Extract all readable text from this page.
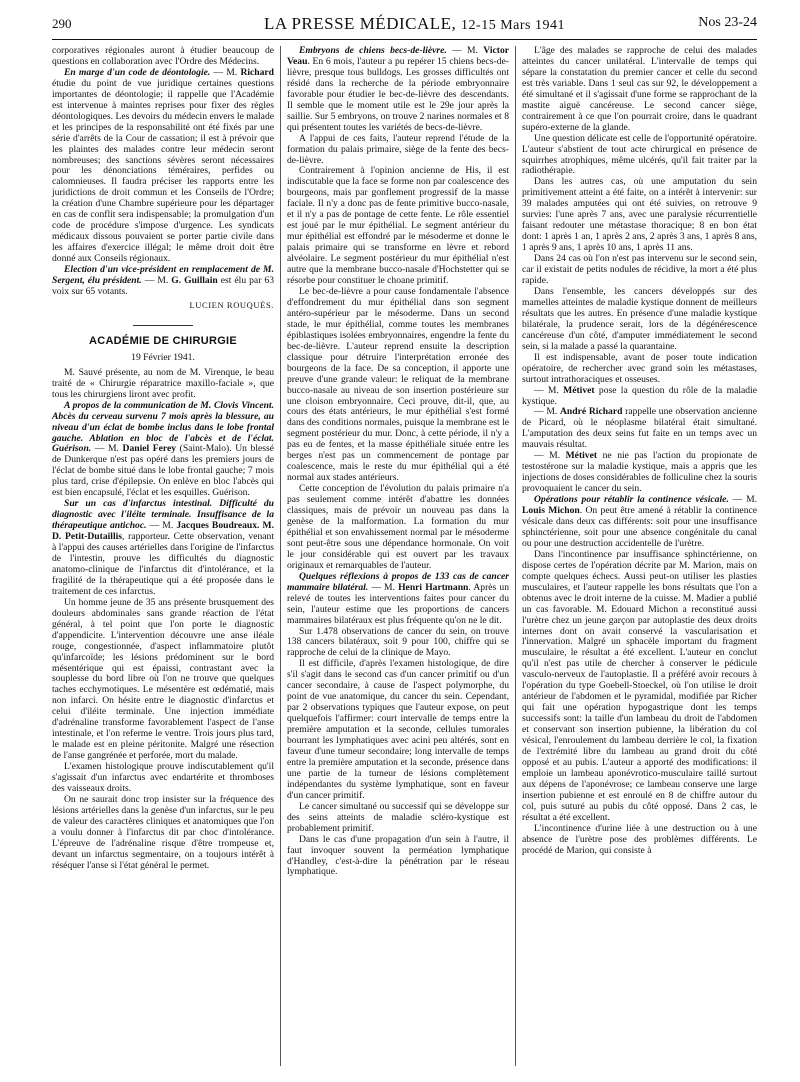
290	LA PRESSE MÉDICALE, 12-15 Mars 1941	Nos 23-24

corporatives régionales auront à étudier beaucoup de questions en collaboration avec l'Ordre des Médecins.

En marge d'un code de déontologie. — M. Richard étudie du point de vue juridique certaines questions importantes de déontologie; il rappelle que l'Académie est intervenue à maintes reprises pour fixer des règles déontologiques. Les devoirs du médecin envers le malade et les principes de la responsabilité ont été fixés par une série d'arrêts de la Cour de cassation; il est à prévoir que les plaintes des malades contre leur médecin seront nombreuses; des sanctions sévères seront nécessaires pour les dénonciations téméraires, perfides ou calomnieuses. Il faudra préciser les rapports entre les juridictions de droit commun et les Conseils de l'Ordre; la création d'une Chambre supérieure pour les départager en cas de conflit sera indispensable; la promulgation d'un code de procédure s'impose d'urgence. Les syndicats médicaux dissous pouvaient se porter partie civile dans les affaires d'exercice illégal; le même droit doit être donné aux Conseils régionaux.

Election d'un vice-président en remplacement de M. Sergent, élu président. — M. G. Guillain est élu par 63 voix sur 65 votants.

LUCIEN ROUQUÈS.
ACADÉMIE DE CHIRURGIE
19 Février 1941.

M. Sauvé présente, au nom de M. Virenque, le beau traité de « Chirurgie réparatrice maxillo-faciale », que tous les chirurgiens liront avec profit.

A propos de la communication de M. Clovis Vincent. Abcès du cerveau survenu 7 mois après la blessure, au niveau d'un éclat de bombe inclus dans le lobe frontal gauche. Ablation en bloc de l'abcès et de l'éclat. Guérison. — M. Daniel Ferey (Saint-Malo). Un blessé de Dunkerque n'est pas opéré dans les premiers jours de l'éclat de bombe situé dans le lobe frontal gauche; 7 mois plus tard, crise d'épilepsie. On enlève en bloc l'abcès qui est bien encapsulé, l'éclat et les esquilles. Guérison.

Sur un cas d'infarctus intestinal. Difficulté du diagnostic avec l'iléite terminale. Insuffisance de la thérapeutique antichoc. — M. Jacques Boudreaux. M. D. Petit-Dutaillis, rapporteur. Cette observation, venant à l'appui des causes artérielles dans l'origine de l'infarctus de l'intestin, prouve les difficultés du diagnostic anatomo-clinique de l'infarctus dit d'intolérance, et la fragilité de la thérapeutique qui a été proposée dans le traitement de ces infarctus.

Un homme jeune de 35 ans présente brusquement des douleurs abdominales sans grande réaction de l'état général, à tel point que l'on porte le diagnostic d'appendicite. L'intervention découvre une anse iléale rouge, congestionnée, d'aspect inflammatoire plutôt qu'infarcoïde; les lésions prédominent sur le bord mésentérique qui est épaissi, contrastant avec la souplesse du bord libre où l'on ne trouve que quelques taches ecchymotiques. Le mésentère est œdématié, mais non infarci. On hésite entre le diagnostic d'infarctus et celui d'iléite terminale. Une injection immédiate d'adrénaline transforme favorablement l'aspect de l'anse intestinale, et l'on referme le ventre. Trois jours plus tard, le malade est en pleine péritonite. Malgré une résection de l'anse gangrénée et perforée, mort du malade.

L'examen histologique prouve indiscutablement qu'il s'agissait d'un infarctus avec endartérite et thromboses des vaisseaux droits.

On ne saurait donc trop insister sur la fréquence des lésions artérielles dans la genèse d'un infarctus, sur le peu de valeur des caractères cliniques et anatomiques que l'on a voulu donner à l'infarctus dit par choc d'intolérance. L'épreuve de l'adrénaline risque d'être trompeuse et, devant un infarctus segmentaire, on a toujours intérêt à réséquer l'anse si l'état général le permet.

Embryons de chiens becs-de-lièvre. — M. Victor Veau. En 6 mois, l'auteur a pu repérer 15 chiens becs-de-lièvre, presque tous bulldogs. Les grosses difficultés ont résidé dans la recherche de la période embryonnaire favorable pour étudier le bec-de-lièvre des descendants. Il semble que le moment utile est le 29e jour après la saillie. Sur 5 embryons, on trouve 2 narines normales et 8 qui présentent toutes les variétés de becs-de-lièvre.

A l'appui de ces faits, l'auteur reprend l'étude de la formation du palais primaire, siège de la fente des becs-de-lièvre.

Contrairement à l'opinion ancienne de His, il est indiscutable que la face se forme non par coalescence des bourgeons, mais par gonflement progressif de la masse faciale. Il n'y a donc pas de fente primitive bucco-nasale, et il n'y a pas de pontage de cette fente. Le rôle essentiel est joué par le mur épithélial. Le segment antérieur du mur épithélial est effondré par le mésoderme et donne le palais primaire qui se transforme en lèvre et rebord alvéolaire. Le segment postérieur du mur épithélial n'est autre que la membrane bucco-nasale d'Hochstetter qui se résorbe pour constituer le choane primitif.

Le bec-de-lièvre a pour cause fondamentale l'absence d'effondrement du mur épithélial dans son segment antéro-supérieur par le mésoderme. Dans un second stade, le mur épithélial, comme toutes les membranes épiblastiques isolées embryonnaires, engendre la fente du bec-de-lièvre. L'auteur reprend ensuite la description classique pour détruire l'interprétation erronée des bourgeons de la face. De sa conception, il apporte une preuve d'une grande valeur: le reliquat de la membrane bucco-nasale au niveau de son insertion postérieure sur une cloison embryonnaire. Ceci prouve, dit-il, que, au cours des états antérieurs, le mur épithélial s'est formé dans des conditions normales, puisque la membrane est le segment postérieur du mur. Donc, à cette période, il n'y a pas eu de fentes, et la masse épithéliale située entre les berges n'est pas un commencement de pontage par coalescence, mais le reste du mur épithélial qui a été normal aux stades antérieurs.

Cette conception de l'évolution du palais primaire n'a pas seulement comme intérêt d'abattre les données classiques, mais de prévoir un nouveau pas dans la genèse de la malformation. La formation du mur épithélial et son envahissement normal par le mésoderme sont peut-être sous une dépendance hormonale. On voit le jour considérable qui est ouvert par les travaux originaux et remarquables de l'auteur.

Quelques réflexions à propos de 133 cas de cancer mammaire bilatéral. — M. Henri Hartmann. Après un relevé de toutes les interventions faites pour cancer du sein, l'auteur estime que les proportions de cancers mammaires bilatéraux est plus fréquente qu'on ne le dit.

Sur 1.478 observations de cancer du sein, on trouve 138 cancers bilatéraux, soit 9 pour 100, chiffre qui se rapproche de celui de la clinique de Mayo.

Il est difficile, d'après l'examen histologique, de dire s'il s'agit dans le second cas d'un cancer primitif ou d'un cancer secondaire, à cause de l'aspect polymorphe, du point de vue anatomique, du cancer du sein. Cependant, par 2 observations typiques que l'auteur expose, on peut quelquefois l'affirmer: court intervalle de temps entre la première amputation et la seconde, cellules tumorales bourrant les lymphatiques avec acini peu altérés, sont en faveur d'une tumeur secondaire; long intervalle de temps entre la première amputation et la seconde, présence dans une partie de la tumeur de lésions complètement indépendantes du système lymphatique, sont en faveur d'un cancer primitif.

Le cancer simultané ou successif qui se développe sur des seins atteints de maladie scléro-kystique est probablement primitif.

Dans le cas d'une propagation d'un sein à l'autre, il faut invoquer souvent la perméation lymphatique d'Handley, c'est-à-dire la pénétration par le réseau lymphatique.

L'âge des malades se rapproche de celui des malades atteintes du cancer unilatéral. L'intervalle de temps qui sépare la constatation du premier cancer et celle du second est très variable. Dans 1 seul cas sur 92, le développement a été simultané et il s'agissait d'une forme se rapprochant de la mastite aiguë cancéreuse. Le second cancer siège, contrairement à ce que l'on pourrait croire, dans le quadrant supéro-externe de la glande.

Une question délicate est celle de l'opportunité opératoire. L'auteur s'abstient de tout acte chirurgical en présence de squirrhes atrophiques, même ulcérés, qu'il fait traiter par la radiothérapie.

Dans les autres cas, où une amputation du sein primitivement atteint a été faite, on a intérêt à intervenir: sur 39 malades amputées qui ont été suivies, on retrouve 9 survies: l'une après 7 ans, avec une paralysie récurrentielle faisant redouter une métastase thoracique; 8 en bon état dont: 1 après 1 an, 1 après 2 ans, 2 après 3 ans, 1 après 8 ans, 1 après 9 ans, 1 après 10 ans, 1 après 11 ans.

Dans 24 cas où l'on n'est pas intervenu sur le second sein, car il existait de petits nodules de récidive, la mort a été plus rapide.

Dans l'ensemble, les cancers développés sur des mamelles atteintes de maladie kystique donnent de meilleurs résultats que les autres. En présence d'une maladie kystique bilatérale, la prudence serait, lors de la dégénérescence cancéreuse d'un côté, d'amputer immédiatement le second sein, si la malade a passé la quarantaine.

Il est indispensable, avant de poser toute indication opératoire, de rechercher avec grand soin les métastases, surtout intrathoraciques et osseuses.

— M. Métivet pose la question du rôle de la maladie kystique.

— M. André Richard rappelle une observation ancienne de Picard, où le néoplasme bilatéral était simultané. L'amputation des deux seins fut faite en un temps avec un mauvais résultat.

— M. Métivet ne nie pas l'action du propionate de testostérone sur la maladie kystique, mais a appris que les injections de doses considérables de folliculine chez la souris provoquaient le cancer du sein.

Opérations pour rétablir la continence vésicale. — M. Louis Michon. On peut être amené à rétablir la continence vésicale dans deux cas différents: soit pour une insuffisance sphinctérienne, soit pour une absence congénitale du canal ou pour une destruction accidentelle de l'urètre.

Dans l'incontinence par insuffisance sphinctérienne, on dispose certes de l'opération décrite par M. Marion, mais on compte quelques échecs. Aussi peut-on utiliser les plasties musculaires, et l'auteur rappelle les bons résultats que l'on a obtenus avec le droit interne de la cuisse. M. Madier a publié un cas favorable. M. Edouard Michon a reconstitué aussi l'urètre chez un jeune garçon par autoplastie des deux droits internes dont on avait conservé la vascularisation et l'innervation. Malgré un sphacèle important du fragment musculaire, le résultat a été excellent. L'auteur en conclut qu'il n'est pas utile de chercher à conserver le pédicule vasculo-nerveux de l'autoplastie. Il a préféré avoir recours à l'opération du type Goebell-Stoeckel, où l'on utilise le droit antérieur de l'abdomen et le pyramidal, modifiée par Richer qui fait une opération hypogastrique dont les temps successifs sont: la taille d'un lambeau du droit de l'abdomen et conservant son insertion pubienne, la libération du col vésical, l'enroulement du lambeau derrière le col, la fixation de l'extrémité libre du lambeau au grand droit du côté opposé et au pubis. L'auteur a apporté des modifications: il emploie un lambeau aponévrotico-musculaire taillé surtout aux dépens de l'aponévrose; ce lambeau conserve une large insertion pubienne et est enroulé en 8 de chiffre autour du col, puis suturé au pubis du côté opposé. Dans 2 cas, le résultat a été excellent.

L'incontinence d'urine liée à une destruction ou à une absence de l'urètre pose des problèmes différents. Le procédé de Marion, qui consiste à
